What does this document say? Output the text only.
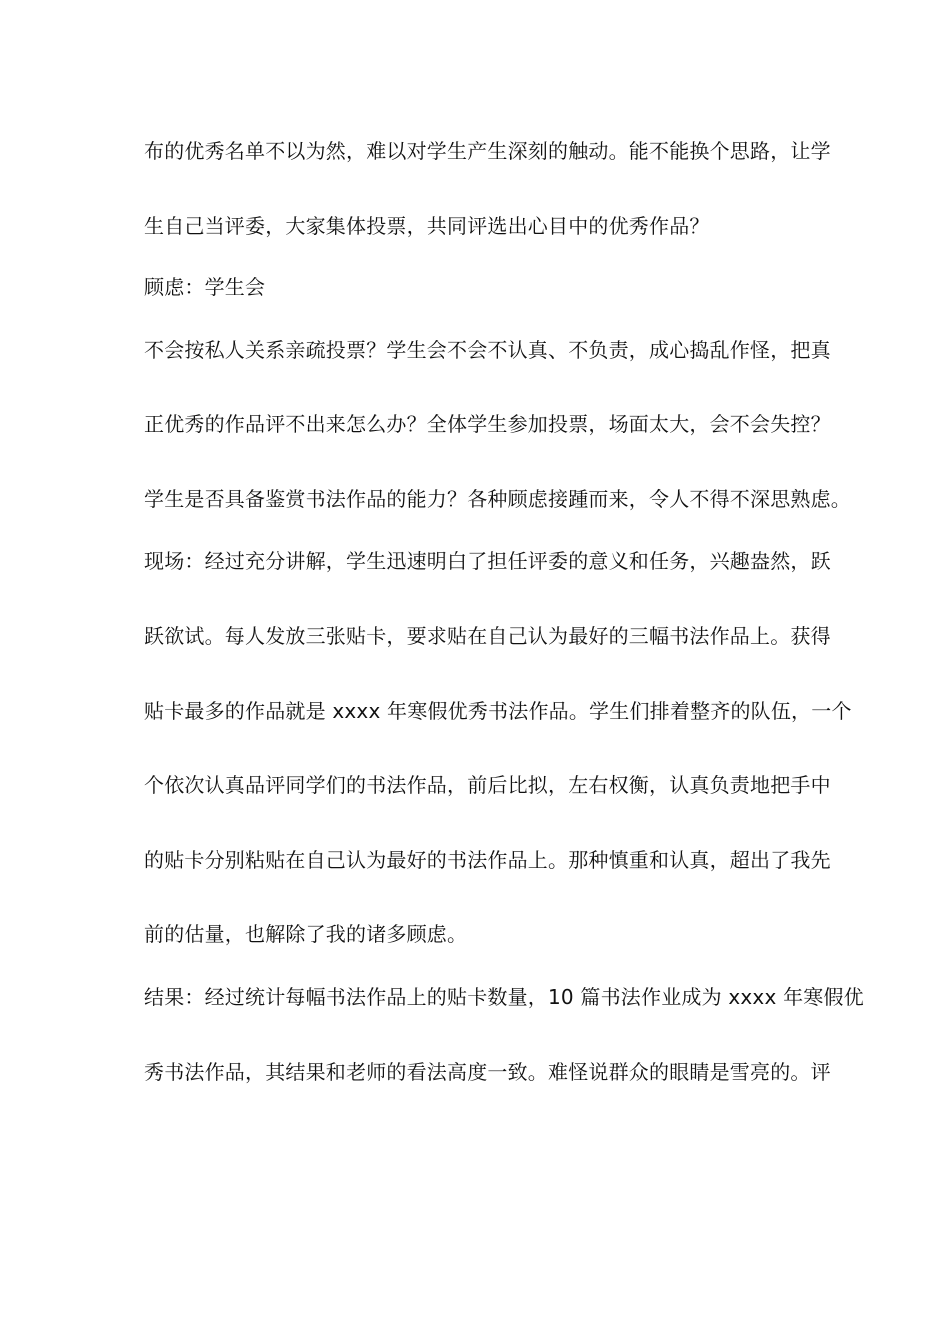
布的优秀名单不以为然，难以对学生产生深刻的触动。能不能换个思路，让学
生自己当评委，大家集体投票，共同评选出心目中的优秀作品？
顾虑：学生会
不会按私人关系亲疏投票？学生会不会不认真、不负责，成心捣乱作怪，把真
正优秀的作品评不出来怎么办？全体学生参加投票，场面太大，会不会失控？
学生是否具备鉴赏书法作品的能力？各种顾虑接踵而来，令人不得不深思熟虑。
现场：经过充分讲解，学生迅速明白了担任评委的意义和任务，兴趣盎然，跃
跃欲试。每人发放三张贴卡，要求贴在自己认为最好的三幅书法作品上。获得
贴卡最多的作品就是 xxxx 年寒假优秀书法作品。学生们排着整齐的队伍，一个
个依次认真品评同学们的书法作品，前后比拟，左右权衡，认真负责地把手中
的贴卡分别粘贴在自己认为最好的书法作品上。那种慎重和认真，超出了我先
前的估量，也解除了我的诸多顾虑。
结果：经过统计每幅书法作品上的贴卡数量，10 篇书法作业成为 xxxx 年寒假优
秀书法作品，其结果和老师的看法高度一致。难怪说群众的眼睛是雪亮的。评
